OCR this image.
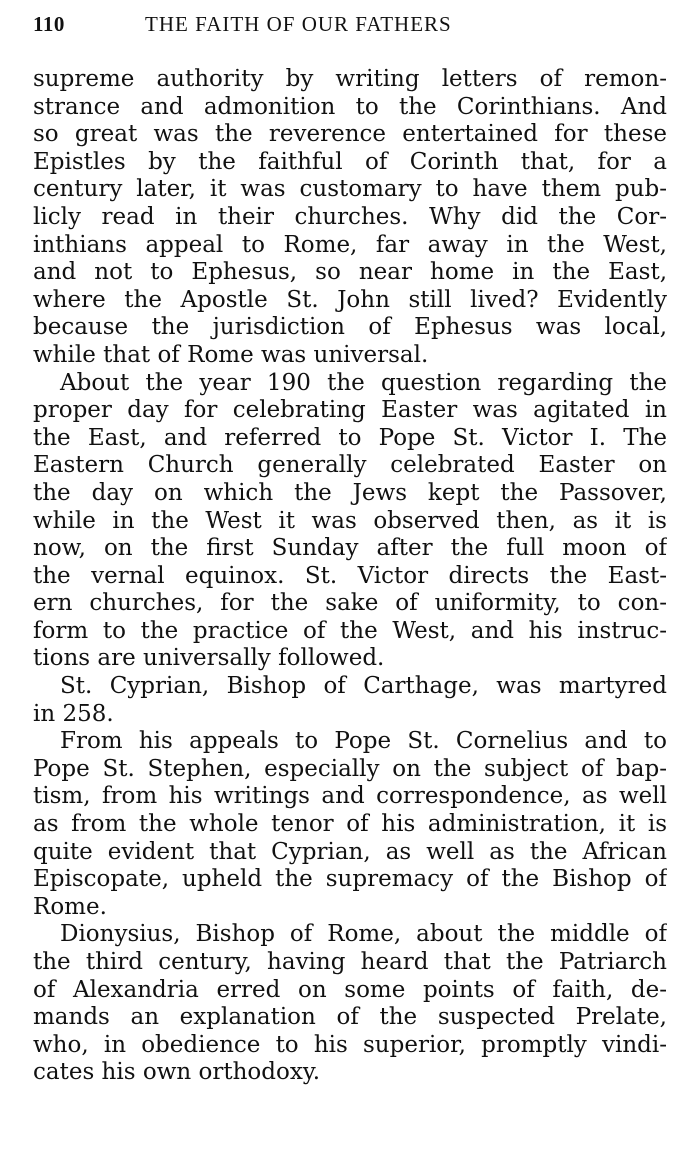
110	THE FAITH OF OUR FATHERS
supreme authority by writing letters of remon-
strance and admonition to the Corinthians. And
so great was the reverence entertained for these
Epistles by the faithful of Corinth that, for a
century later, it was customary to have them pub-
licly read in their churches. Why did the Cor-
inthians appeal to Rome, far away in the West,
and not to Ephesus, so near home in the East,
where the Apostle St. John still lived? Evidently
because the jurisdiction of Ephesus was local,
while that of Rome was universal.
About the year 190 the question regarding the
proper day for celebrating Easter was agitated in
the East, and referred to Pope St. Victor I. The
Eastern Church generally celebrated Easter on
the day on which the Jews kept the Passover,
while in the West it was observed then, as it is
now, on the first Sunday after the full moon of
the vernal equinox. St. Victor directs the East-
ern churches, for the sake of uniformity, to con-
form to the practice of the West, and his instruc-
tions are universally followed.
St. Cyprian, Bishop of Carthage, was martyred
in 258.
From his appeals to Pope St. Cornelius and to
Pope St. Stephen, especially on the subject of bap-
tism, from his writings and correspondence, as well
as from the whole tenor of his administration, it is
quite evident that Cyprian, as well as the African
Episcopate, upheld the supremacy of the Bishop of
Rome.
Dionysius, Bishop of Rome, about the middle of
the third century, having heard that the Patriarch
of Alexandria erred on some points of faith, de-
mands an explanation of the suspected Prelate,
who, in obedience to his superior, promptly vindi-
cates his own orthodoxy.
